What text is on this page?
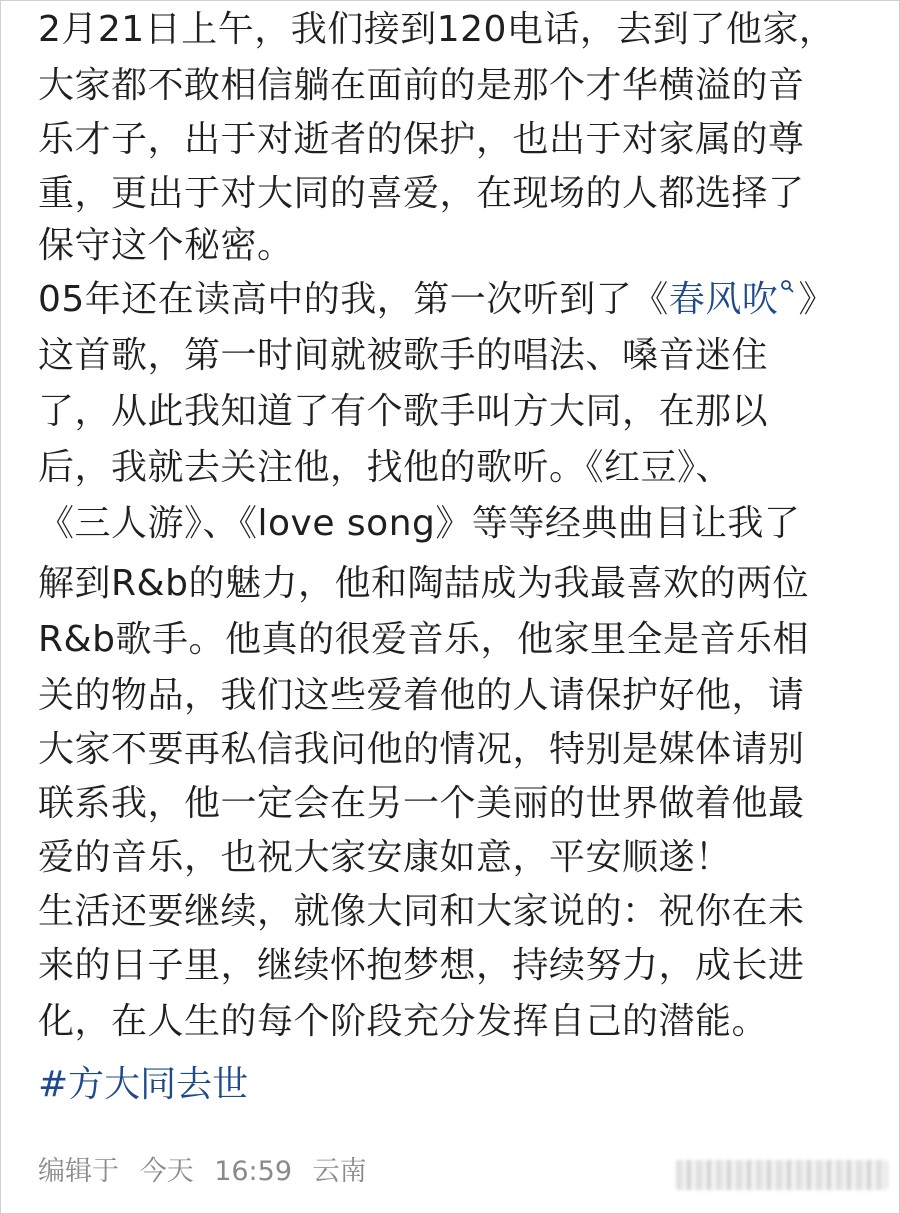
2月21日上午，我们接到120电话，去到了他家，
大家都不敢相信躺在面前的是那个才华横溢的音
乐才子，出于对逝者的保护，也出于对家属的尊
重，更出于对大同的喜爱，在现场的人都选择了
保守这个秘密。
05年还在读高中的我，第一次听到了《春风吹 》
这首歌，第一时间就被歌手的唱法、嗓音迷住
了，从此我知道了有个歌手叫方大同，在那以
后，我就去关注他，找他的歌听。《红豆》、
《三人游》、《love song》等等经典曲目让我了
解到R&b的魅力，他和陶喆成为我最喜欢的两位
R&b歌手。他真的很爱音乐，他家里全是音乐相
关的物品，我们这些爱着他的人请保护好他，请
大家不要再私信我问他的情况，特别是媒体请别
联系我，他一定会在另一个美丽的世界做着他最
爱的音乐，也祝大家安康如意，平安顺遂！
生活还要继续，就像大同和大家说的：祝你在未
来的日子里，继续怀抱梦想，持续努力，成长进
化，在人生的每个阶段充分发挥自己的潜能。
#方大同去世
编辑于 今天 16:59 云南
